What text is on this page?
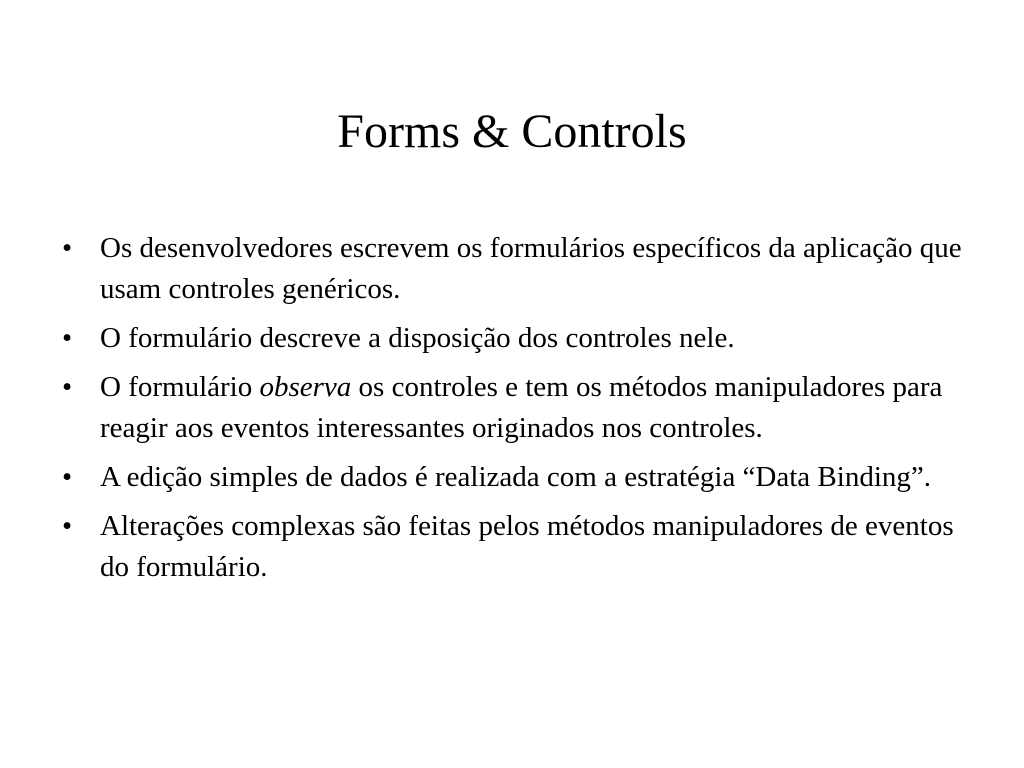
Forms & Controls
• Os desenvolvedores escrevem os formulários específicos da aplicação que usam controles genéricos.
• O formulário descreve a disposição dos controles nele.
• O formulário observa os controles e tem os métodos manipuladores para reagir aos eventos interessantes originados nos controles.
• A edição simples de dados é realizada com a estratégia “Data Binding”.
• Alterações complexas são feitas pelos métodos manipuladores de eventos do formulário.
